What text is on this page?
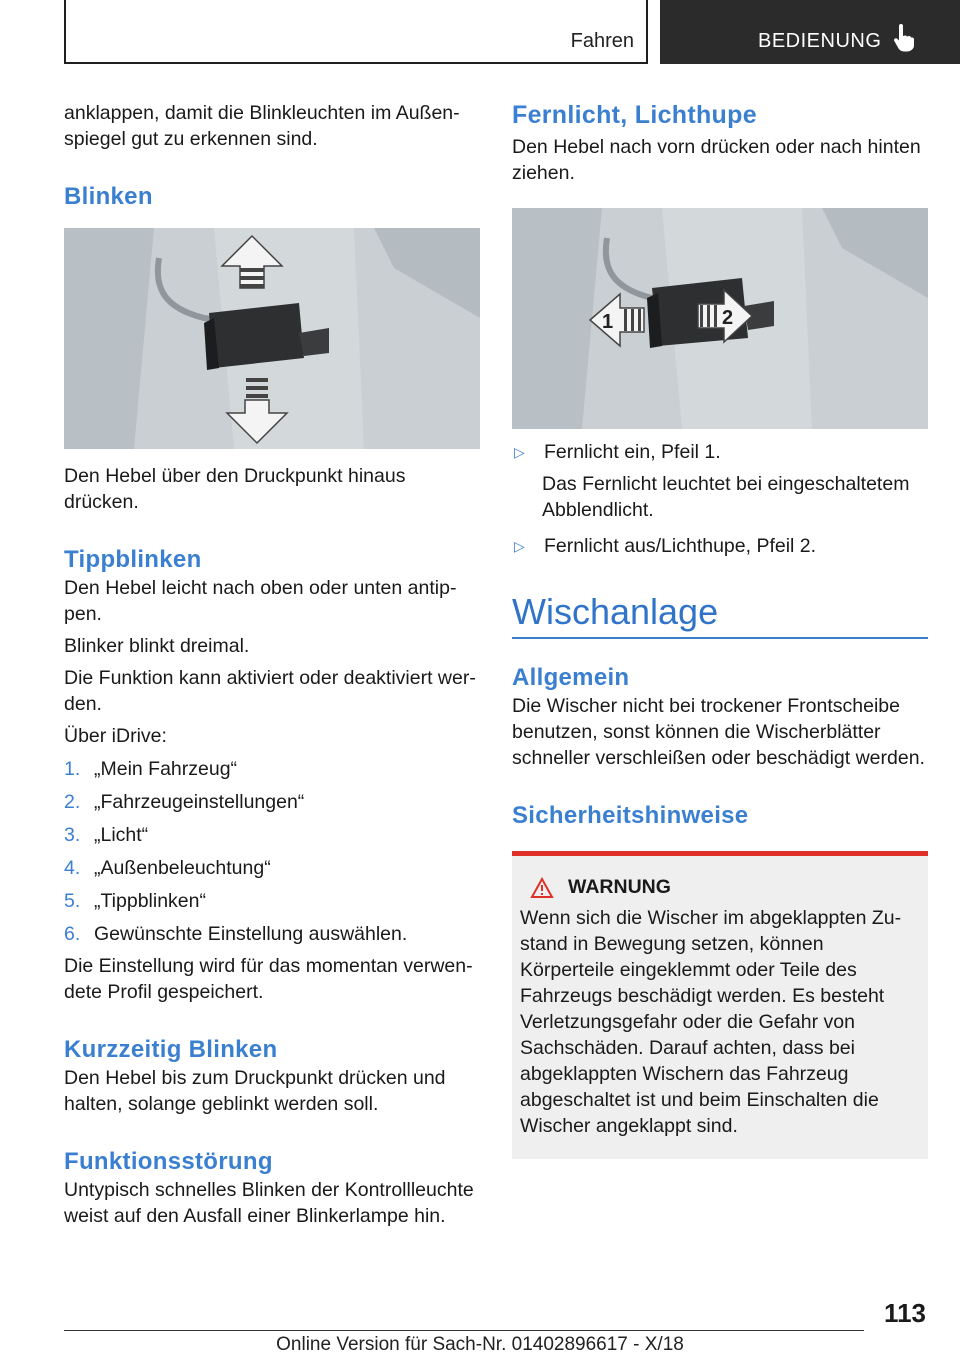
Fahren	BEDIENUNG

anklappen, damit die Blinkleuchten im Außenspiegel gut zu erkennen sind.

Blinken

Den Hebel über den Druckpunkt hinaus drücken.

Tippblinken

Den Hebel leicht nach oben oder unten antippen.

Blinker blinkt dreimal.

Die Funktion kann aktiviert oder deaktiviert werden.

Über iDrive:

1. „Mein Fahrzeug“
2. „Fahrzeugeinstellungen“
3. „Licht“
4. „Außenbeleuchtung“
5. „Tippblinken“
6. Gewünschte Einstellung auswählen.

Die Einstellung wird für das momentan verwendete Profil gespeichert.

Kurzzeitig Blinken

Den Hebel bis zum Druckpunkt drücken und halten, solange geblinkt werden soll.

Funktionsstörung

Untypisch schnelles Blinken der Kontrollleuchte weist auf den Ausfall einer Blinkerlampe hin.

Fernlicht, Lichthupe

Den Hebel nach vorn drücken oder nach hinten ziehen.

1	2
▷ Fernlicht ein, Pfeil 1.

Das Fernlicht leuchtet bei eingeschaltetem Abblendlicht.

▷ Fernlicht aus/Lichthupe, Pfeil 2.
Wischanlage
Allgemein

Die Wischer nicht bei trockener Frontscheibe benutzen, sonst können die Wischerblätter schneller verschleißen oder beschädigt werden.

Sicherheitshinweise
WARNUNG

Wenn sich die Wischer im abgeklappten Zustand in Bewegung setzen, können Körperteile eingeklemmt oder Teile des Fahrzeugs beschädigt werden. Es besteht Verletzungsgefahr oder die Gefahr von Sachschäden. Darauf achten, dass bei abgeklappten Wischern das Fahrzeug abgeschaltet ist und beim Einschalten die Wischer angeklappt sind.

113
Online Version für Sach-Nr. 01402896617 - X/18
